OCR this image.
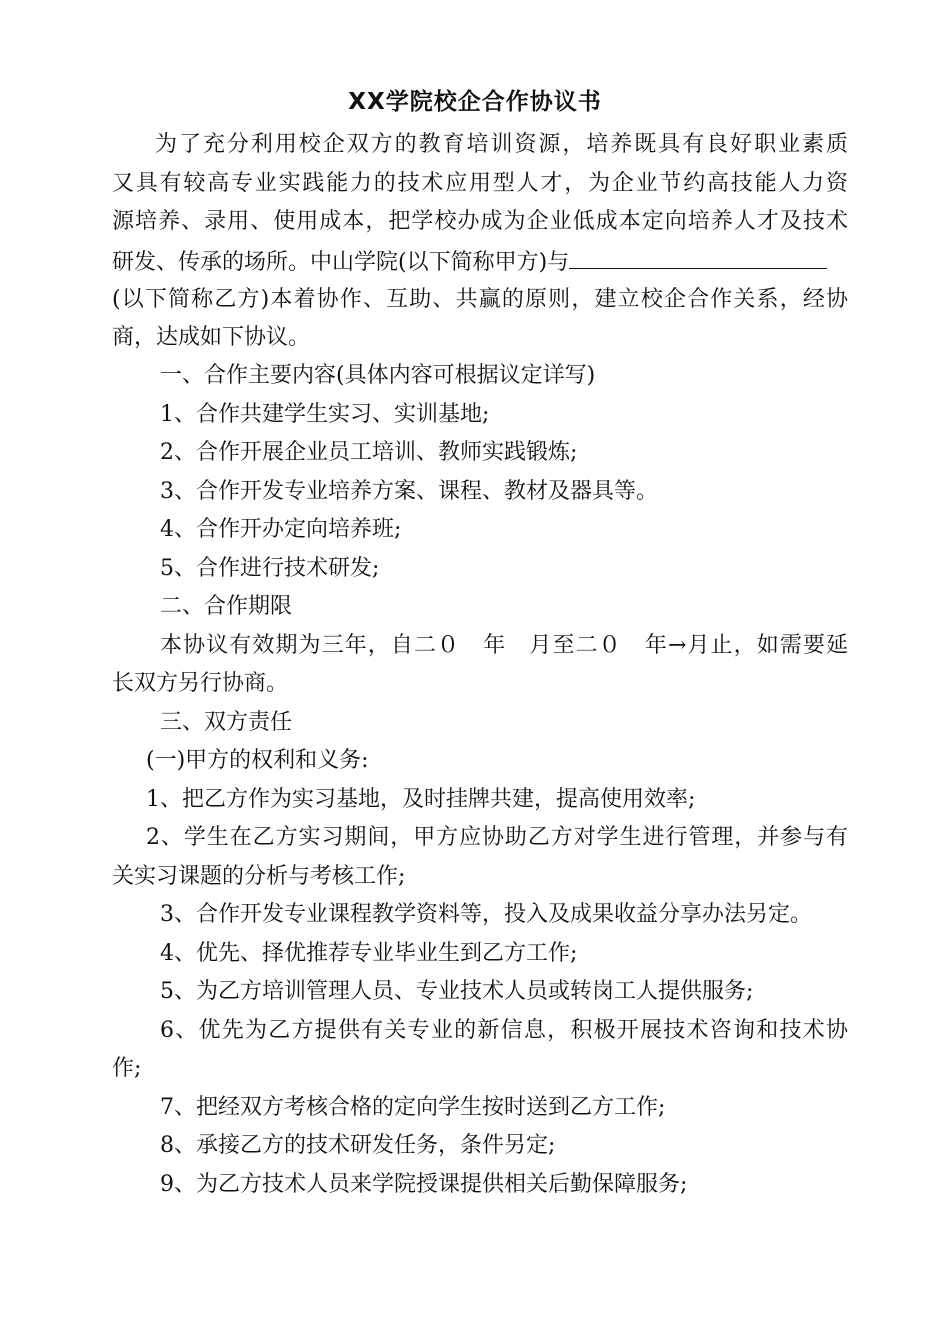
XX学院校企合作协议书
为了充分利用校企双方的教育培训资源，培养既具有良好职业素质
又具有较高专业实践能力的技术应用型人才，为企业节约高技能人力资
源培养、录用、使用成本，把学校办成为企业低成本定向培养人才及技术
研发、传承的场所。中山学院(以下简称甲方)与
(以下简称乙方)本着协作、互助、共赢的原则，建立校企合作关系，经协
商，达成如下协议。
一、合作主要内容(具体内容可根据议定详写)
1、合作共建学生实习、实训基地;
2、合作开展企业员工培训、教师实践锻炼;
3、合作开发专业培养方案、课程、教材及器具等。
4、合作开办定向培养班;
5、合作进行技术研发;
二、合作期限
本协议有效期为三年，自二０　年　月至二０　年→月止，如需要延
长双方另行协商。
三、双方责任
(一)甲方的权利和义务:
1、把乙方作为实习基地，及时挂牌共建，提高使用效率;
2、学生在乙方实习期间，甲方应协助乙方对学生进行管理，并参与有
关实习课题的分析与考核工作;
3、合作开发专业课程教学资料等，投入及成果收益分享办法另定。
4、优先、择优推荐专业毕业生到乙方工作;
5、为乙方培训管理人员、专业技术人员或转岗工人提供服务;
6、优先为乙方提供有关专业的新信息，积极开展技术咨询和技术协
作;
7、把经双方考核合格的定向学生按时送到乙方工作;
8、承接乙方的技术研发任务，条件另定;
9、为乙方技术人员来学院授课提供相关后勤保障服务;
